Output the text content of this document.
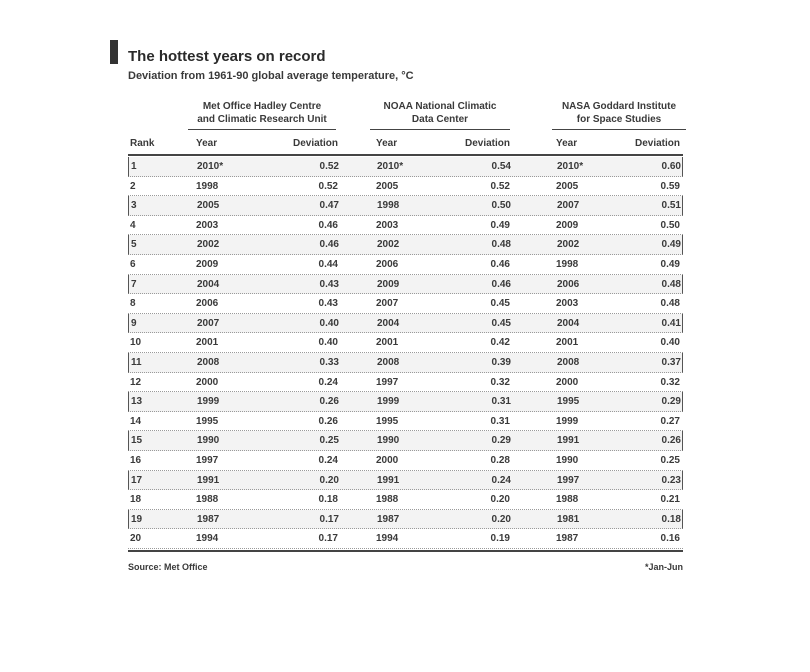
The hottest years on record
Deviation from 1961-90 global average temperature, °C
Met Office Hadley Centre
and Climatic Research Unit
NOAA National Climatic
Data Center
NASA Goddard Institute
for Space Studies
Rank	Year	Deviation	Year	Deviation	Year	Deviation
1	2010*	0.52	2010*	0.54	2010*	0.60
2	1998	0.52	2005	0.52	2005	0.59
3	2005	0.47	1998	0.50	2007	0.51
4	2003	0.46	2003	0.49	2009	0.50
5	2002	0.46	2002	0.48	2002	0.49
6	2009	0.44	2006	0.46	1998	0.49
7	2004	0.43	2009	0.46	2006	0.48
8	2006	0.43	2007	0.45	2003	0.48
9	2007	0.40	2004	0.45	2004	0.41
10	2001	0.40	2001	0.42	2001	0.40
11	2008	0.33	2008	0.39	2008	0.37
12	2000	0.24	1997	0.32	2000	0.32
13	1999	0.26	1999	0.31	1995	0.29
14	1995	0.26	1995	0.31	1999	0.27
15	1990	0.25	1990	0.29	1991	0.26
16	1997	0.24	2000	0.28	1990	0.25
17	1991	0.20	1991	0.24	1997	0.23
18	1988	0.18	1988	0.20	1988	0.21
19	1987	0.17	1987	0.20	1981	0.18
20	1994	0.17	1994	0.19	1987	0.16
Source: Met Office	*Jan-Jun
